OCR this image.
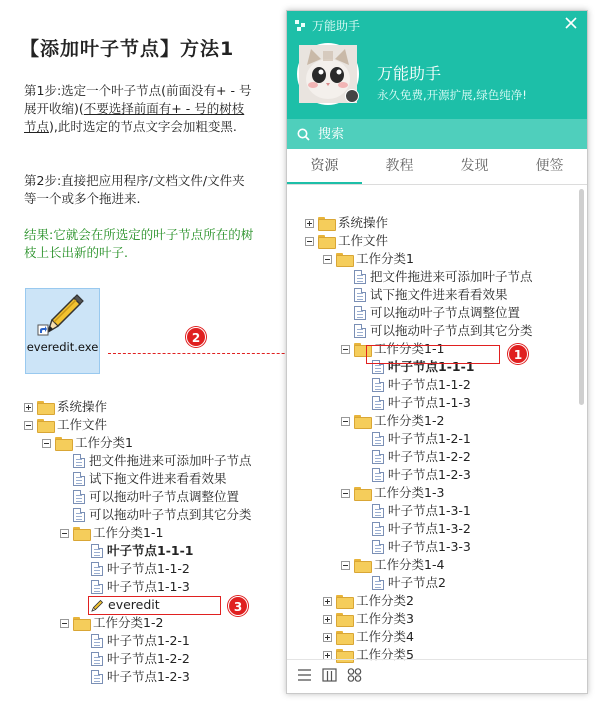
【添加叶子节点】方法1
第1步:选定一个叶子节点(前面没有+ - 号展开收缩)(不要选择前面有+ - 号的树枝节点),此时选定的节点文字会加粗变黑.
第2步:直接把应用程序/文档文件/文件夹等一个或多个拖进来.
结果:它就会在所选定的叶子节点所在的树枝上长出新的叶子.
everedit.exe
系统操作
工作文件
工作分类1
把文件拖进来可添加叶子节点
试下拖文件进来看看效果
可以拖动叶子节点调整位置
可以拖动叶子节点到其它分类
工作分类1-1
叶子节点1-1-1
叶子节点1-1-2
叶子节点1-1-3
everedit
工作分类1-2
叶子节点1-2-1
叶子节点1-2-2
叶子节点1-2-3
2
3
万能助手
万能助手
永久免费,开源扩展,绿色纯净!
搜索
资源	教程	发现	便签
系统操作
工作文件
工作分类1
把文件拖进来可添加叶子节点
试下拖文件进来看看效果
可以拖动叶子节点调整位置
可以拖动叶子节点到其它分类
工作分类1-1
叶子节点1-1-1
叶子节点1-1-2
叶子节点1-1-3
工作分类1-2
叶子节点1-2-1
叶子节点1-2-2
叶子节点1-2-3
工作分类1-3
叶子节点1-3-1
叶子节点1-3-2
叶子节点1-3-3
工作分类1-4
叶子节点2
工作分类2
工作分类3
工作分类4
工作分类5
1
